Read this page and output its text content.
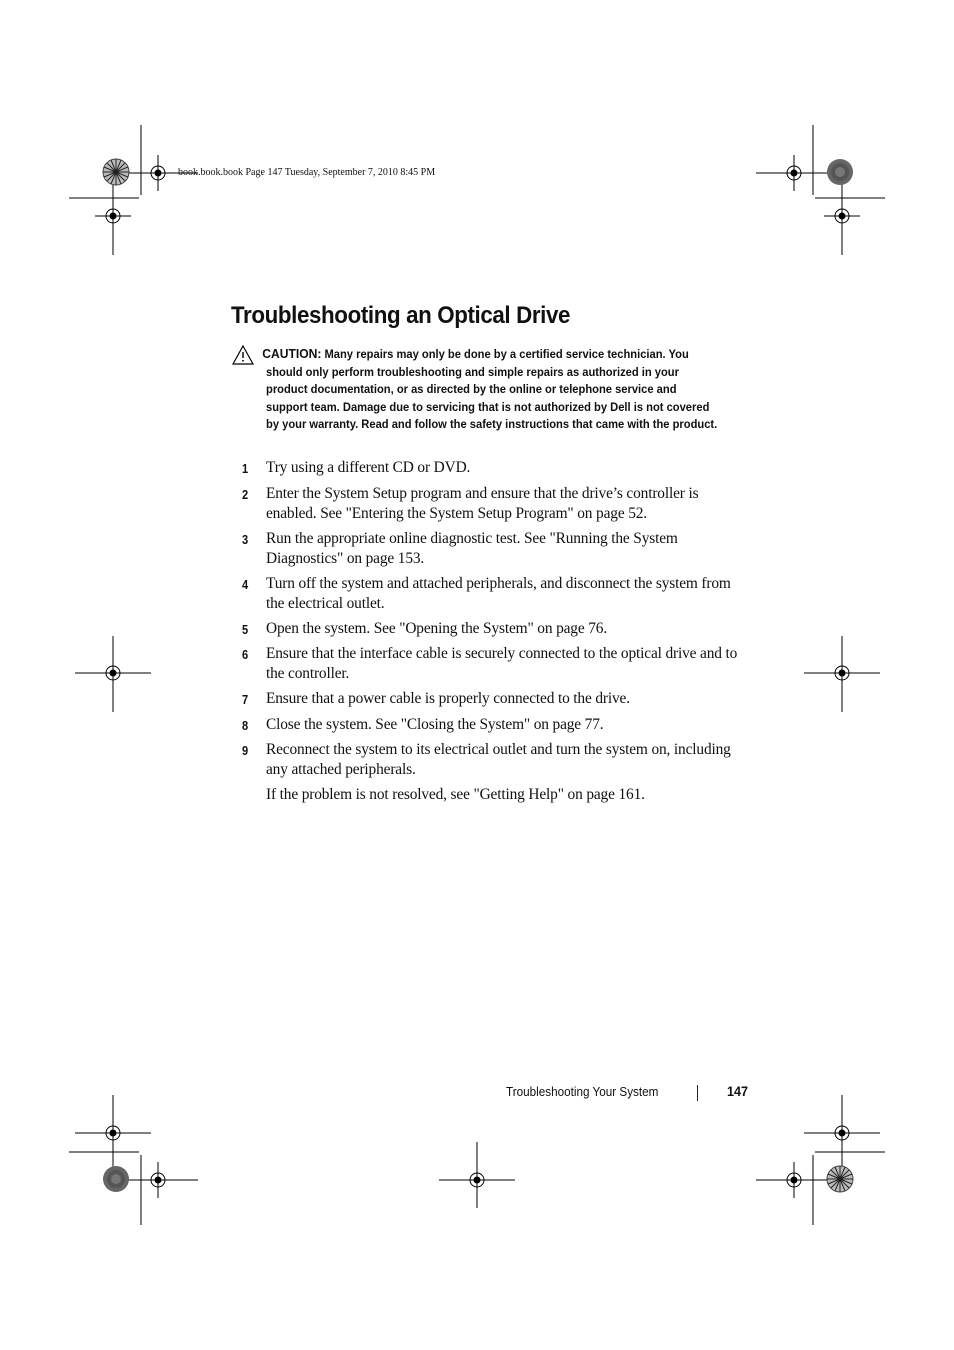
book.book.book Page 147 Tuesday, September 7, 2010 8:45 PM
Troubleshooting an Optical Drive
CAUTION: Many repairs may only be done by a certified service technician. You should only perform troubleshooting and simple repairs as authorized in your product documentation, or as directed by the online or telephone service and support team. Damage due to servicing that is not authorized by Dell is not covered by your warranty. Read and follow the safety instructions that came with the product.
1 Try using a different CD or DVD.
2 Enter the System Setup program and ensure that the drive’s controller is enabled. See "Entering the System Setup Program" on page 52.
3 Run the appropriate online diagnostic test. See "Running the System Diagnostics" on page 153.
4 Turn off the system and attached peripherals, and disconnect the system from the electrical outlet.
5 Open the system. See "Opening the System" on page 76.
6 Ensure that the interface cable is securely connected to the optical drive and to the controller.
7 Ensure that a power cable is properly connected to the drive.
8 Close the system. See "Closing the System" on page 77.
9 Reconnect the system to its electrical outlet and turn the system on, including any attached peripherals.
If the problem is not resolved, see "Getting Help" on page 161.
Troubleshooting Your System	147
